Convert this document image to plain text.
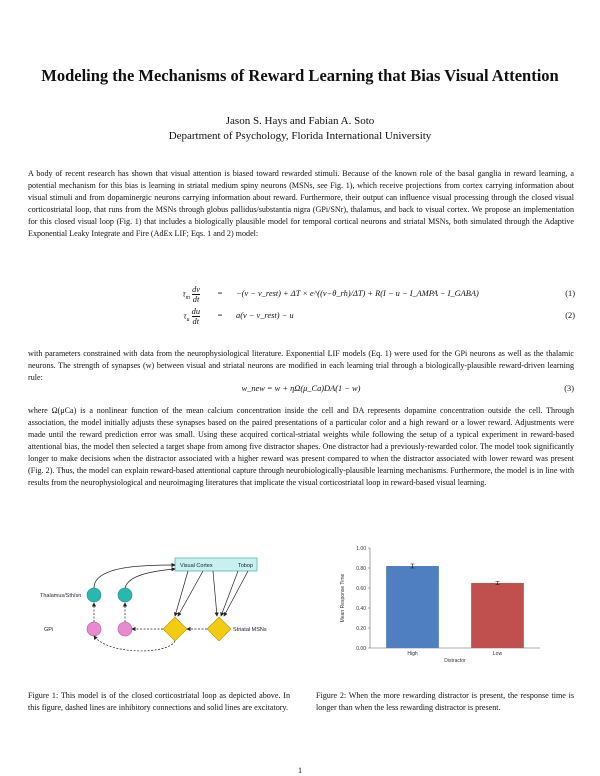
Modeling the Mechanisms of Reward Learning that Bias Visual Attention
Jason S. Hays and Fabian A. Soto
Department of Psychology, Florida International University

A body of recent research has shown that visual attention is biased toward rewarded stimuli. Because of the known role of the basal ganglia in reward learning, a potential mechanism for this bias is learning in striatal medium spiny neurons (MSNs, see Fig. 1), which receive projections from cortex carrying information about visual stimuli and from dopaminergic neurons carrying information about reward. Furthermore, their output can influence visual processing through the closed visual corticostriatal loop, that runs from the MSNs through globus pallidus/substantia nigra (GPi/SNr), thalamus, and back to visual cortex. We propose an implementation for this closed visual loop (Fig. 1) that includes a biologically plausible model for temporal cortical neurons and striatal MSNs, both simulated through the Adaptive Exponential Leaky Integrate and Fire (AdEx LIF; Eqs. 1 and 2) model:

$\tau_m \frac{dv}{dt}$	=	−(v − v_rest) + ΔT × e^((v−θ_rh)/ΔT) + R(I − u − I_AMPA − I_GABA)	(1)
$\tau_u \frac{du}{dt}$	=	a(v − v_rest) − u	(2)

with parameters constrained with data from the neurophysiological literature. Exponential LIF models (Eq. 1) were used for the GPi neurons as well as the thalamic neurons. The strength of synapses (w) between visual and striatal neurons are modified in each learning trial through a biologically-plausible reward-driven learning rule:

w_new = w + ηΩ(μ_Ca)DA(1 − w)	(3)

where Ω(μCa) is a nonlinear function of the mean calcium concentration inside the cell and DA represents dopamine concentration outside the cell. Through association, the model initially adjusts these synapses based on the paired presentations of a particular color and a high reward or a lower reward. Adjustments were made until the reward prediction error was small. Using these acquired cortical-striatal weights while following the setup of a typical experiment in reward-based attentional bias, the model then selected a target shape from among five distractor shapes. One distractor had a previously-rewarded color. The model took significantly longer to make decisions when the distractor associated with a higher reward was present compared to when the distractor associated with lower reward was present (Fig. 2). Thus, the model can explain reward-based attentional capture through neurobiologically-plausible learning mechanisms. Furthermore, the model is in line with results from the neurophysiological and neuroimaging literatures that implicate the visual corticostriatal loop in reward-based visual learning.

Visual Cortex	Tobop
Thalamus/Sth/sn
GPi	Striatal MSNs
0.00
0.20
0.40
0.60
0.80
1.00
High	Low
Mean Response Time
Distractor

Figure 1: This model is of the closed corticostriatal loop as depicted above. In this figure, dashed lines are inhibitory connections and solid lines are excitatory.

Figure 2: When the more rewarding distractor is present, the response time is longer than when the less rewarding distractor is present.

1
